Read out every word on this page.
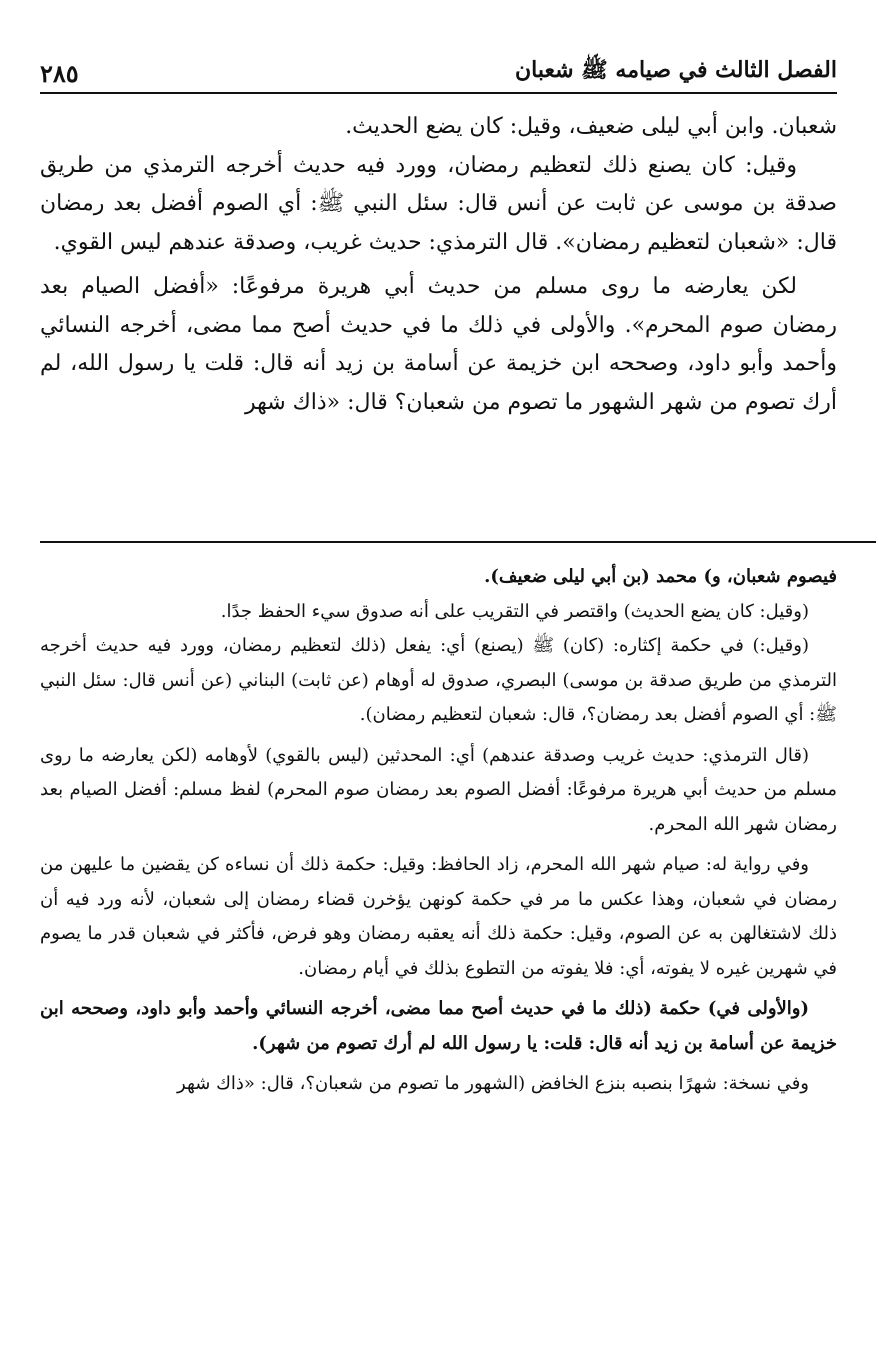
٢٨٥	الفصل الثالث في صيامه ﷺ شعبان

شعبان. وابن أبي ليلى ضعيف، وقيل: كان يضع الحديث.

وقيل: كان يصنع ذلك لتعظيم رمضان، وورد فيه حديث أخرجه الترمذي من طريق صدقة بن موسى عن ثابت عن أنس قال: سئل النبي ﷺ: أي الصوم أفضل بعد رمضان قال: «شعبان لتعظيم رمضان». قال الترمذي: حديث غريب، وصدقة عندهم ليس القوي.

لكن يعارضه ما روى مسلم من حديث أبي هريرة مرفوعًا: «أفضل الصيام بعد رمضان صوم المحرم». والأولى في ذلك ما في حديث أصح مما مضى، أخرجه النسائي وأحمد وأبو داود، وصححه ابن خزيمة عن أسامة بن زيد أنه قال: قلت يا رسول الله، لم أرك تصوم من شهر الشهور ما تصوم من شعبان؟ قال: «ذاك شهر

فيصوم شعبان، و) محمد (بن أبي ليلى ضعيف).

(وقيل: كان يضع الحديث) واقتصر في التقريب على أنه صدوق سيء الحفظ جدًا.

(وقيل:) في حكمة إكثاره: (كان) ﷺ (يصنع) أي: يفعل (ذلك لتعظيم رمضان، وورد فيه حديث أخرجه الترمذي من طريق صدقة بن موسى) البصري، صدوق له أوهام (عن ثابت) البناني (عن أنس قال: سئل النبي ﷺ: أي الصوم أفضل بعد رمضان؟، قال: شعبان لتعظيم رمضان).

(قال الترمذي: حديث غريب وصدقة عندهم) أي: المحدثين (ليس بالقوي) لأوهامه (لكن يعارضه ما روى مسلم من حديث أبي هريرة مرفوعًا: أفضل الصوم بعد رمضان صوم المحرم) لفظ مسلم: أفضل الصيام بعد رمضان شهر الله المحرم.

وفي رواية له: صيام شهر الله المحرم، زاد الحافظ: وقيل: حكمة ذلك أن نساءه كن يقضين ما عليهن من رمضان في شعبان، وهذا عكس ما مر في حكمة كونهن يؤخرن قضاء رمضان إلى شعبان، لأنه ورد فيه أن ذلك لاشتغالهن به عن الصوم، وقيل: حكمة ذلك أنه يعقبه رمضان وهو فرض، فأكثر في شعبان قدر ما يصوم في شهرين غيره لا يفوته، أي: فلا يفوته من التطوع بذلك في أيام رمضان.

(والأولى في) حكمة (ذلك ما في حديث أصح مما مضى، أخرجه النسائي وأحمد وأبو داود، وصححه ابن خزيمة عن أسامة بن زيد أنه قال: قلت: يا رسول الله لم أرك تصوم من شهر).

وفي نسخة: شهرًا بنصبه بنزع الخافض (الشهور ما تصوم من شعبان؟، قال: «ذاك شهر
